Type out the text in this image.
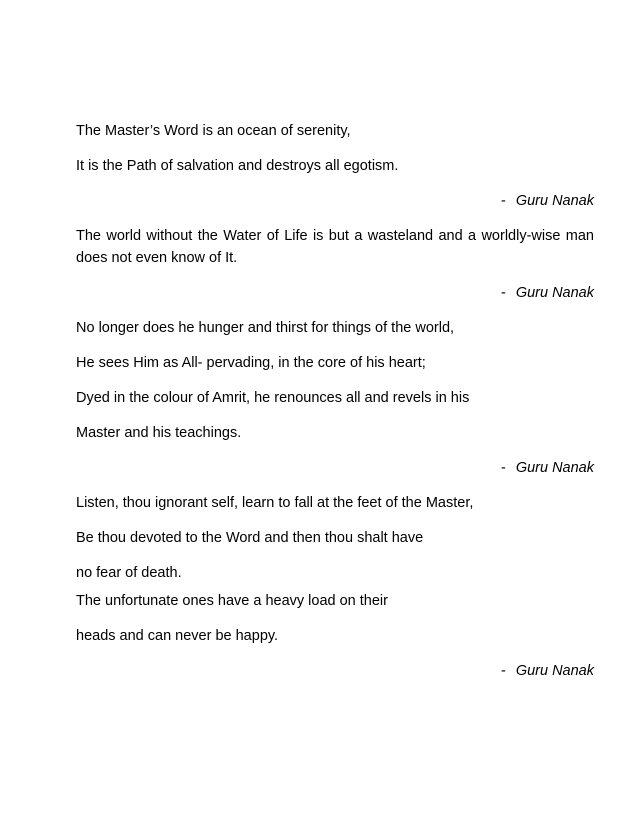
The Master’s Word is an ocean of serenity,
It is the Path of salvation and destroys all egotism.
- Guru Nanak
The world without the Water of Life is but a wasteland and a worldly-wise man does not even know of It.
- Guru Nanak
No longer does he hunger and thirst for things of the world,
He sees Him as All- pervading, in the core of his heart;
Dyed in the colour of Amrit, he renounces all and revels in his
Master and his teachings.
- Guru Nanak
Listen, thou ignorant self, learn to fall at the feet of the Master,
Be thou devoted to the Word and then thou shalt have
no fear of death.
The unfortunate ones have a heavy load on their
heads and can never be happy.
- Guru Nanak
